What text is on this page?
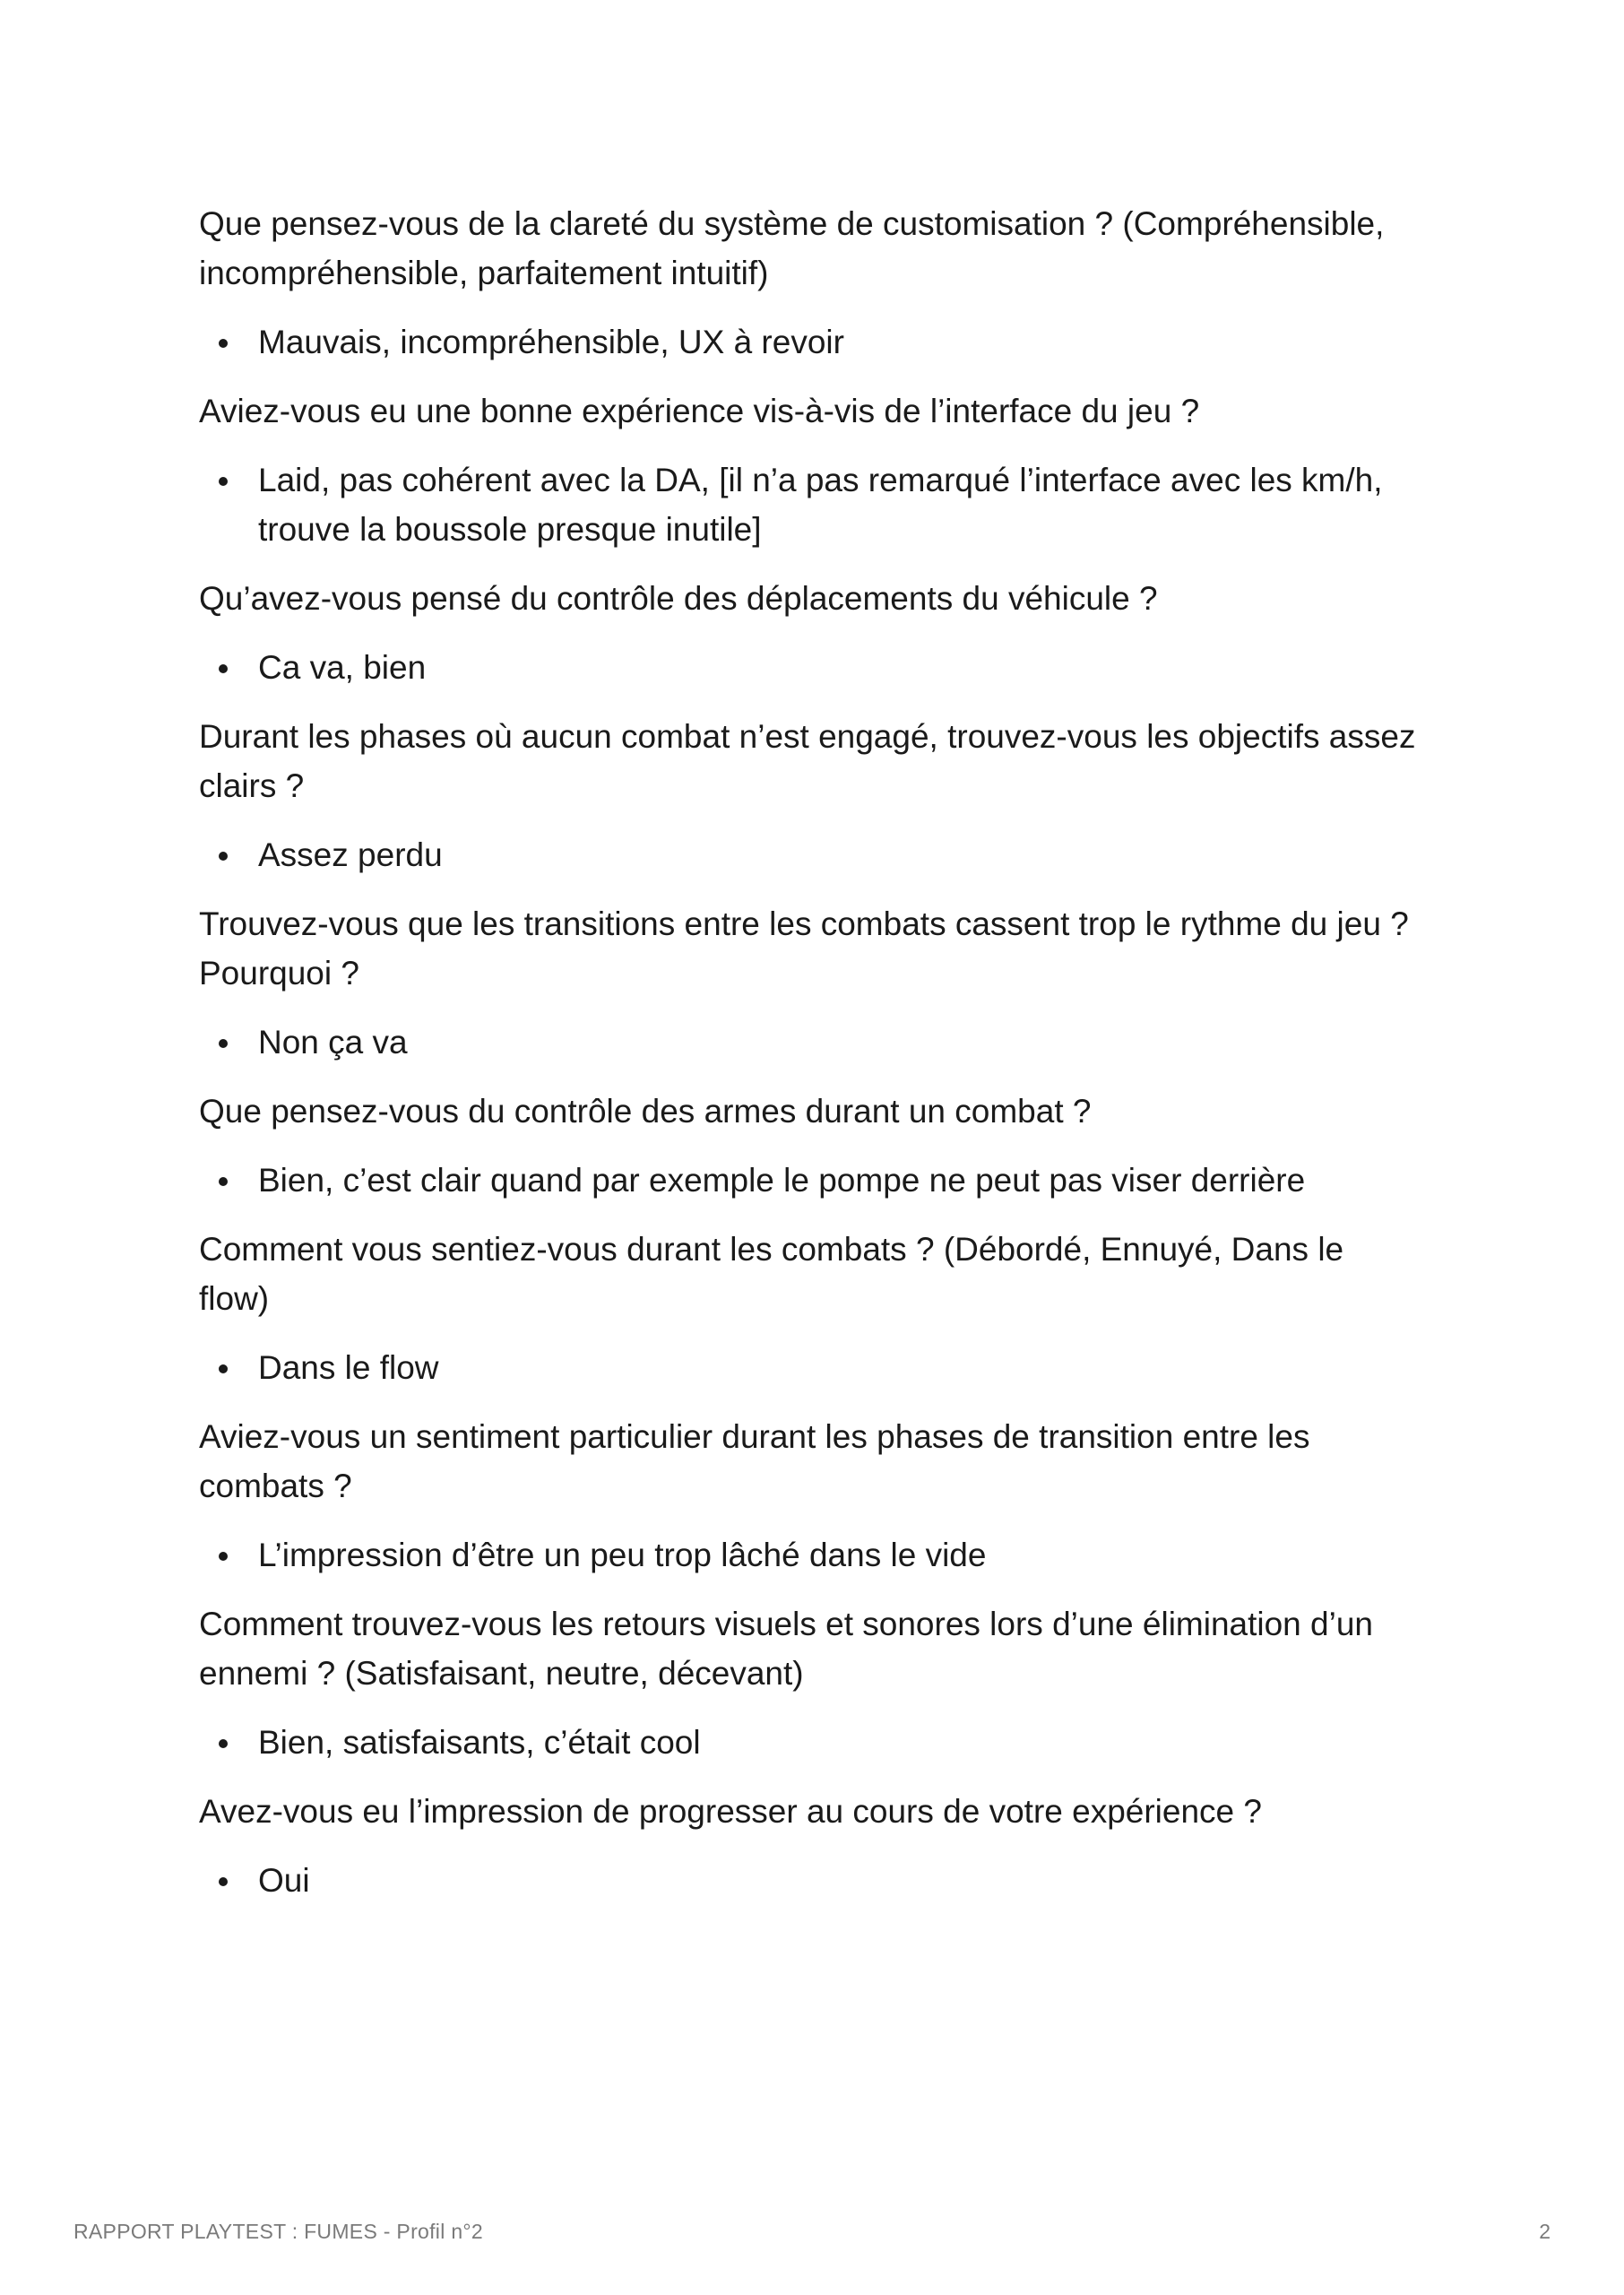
Que pensez-vous de la clareté du système de customisation ? (Compréhensible, incompréhensible, parfaitement intuitif)

Mauvais, incompréhensible, UX à revoir

Aviez-vous eu une bonne expérience vis-à-vis de l’interface du jeu ?

Laid, pas cohérent avec la DA, [il n’a pas remarqué l’interface avec les km/h, trouve la boussole presque inutile]

Qu’avez-vous pensé du contrôle des déplacements du véhicule ?

Ca va, bien

Durant les phases où aucun combat n’est engagé, trouvez-vous les objectifs assez clairs ?

Assez perdu

Trouvez-vous que les transitions entre les combats cassent trop le rythme du jeu ? Pourquoi ?

Non ça va

Que pensez-vous du contrôle des armes durant un combat ?

Bien, c’est clair quand par exemple le pompe ne peut pas viser derrière

Comment vous sentiez-vous durant les combats ? (Débordé, Ennuyé, Dans le flow)

Dans le flow

Aviez-vous un sentiment particulier durant les phases de transition entre les combats ?

L’impression d’être un peu trop lâché dans le vide

Comment trouvez-vous les retours visuels et sonores lors d’une élimination d’un ennemi ? (Satisfaisant, neutre, décevant)

Bien, satisfaisants, c’était cool

Avez-vous eu l’impression de progresser au cours de votre expérience ?

Oui
RAPPORT PLAYTEST : FUMES - Profil n°2	2
